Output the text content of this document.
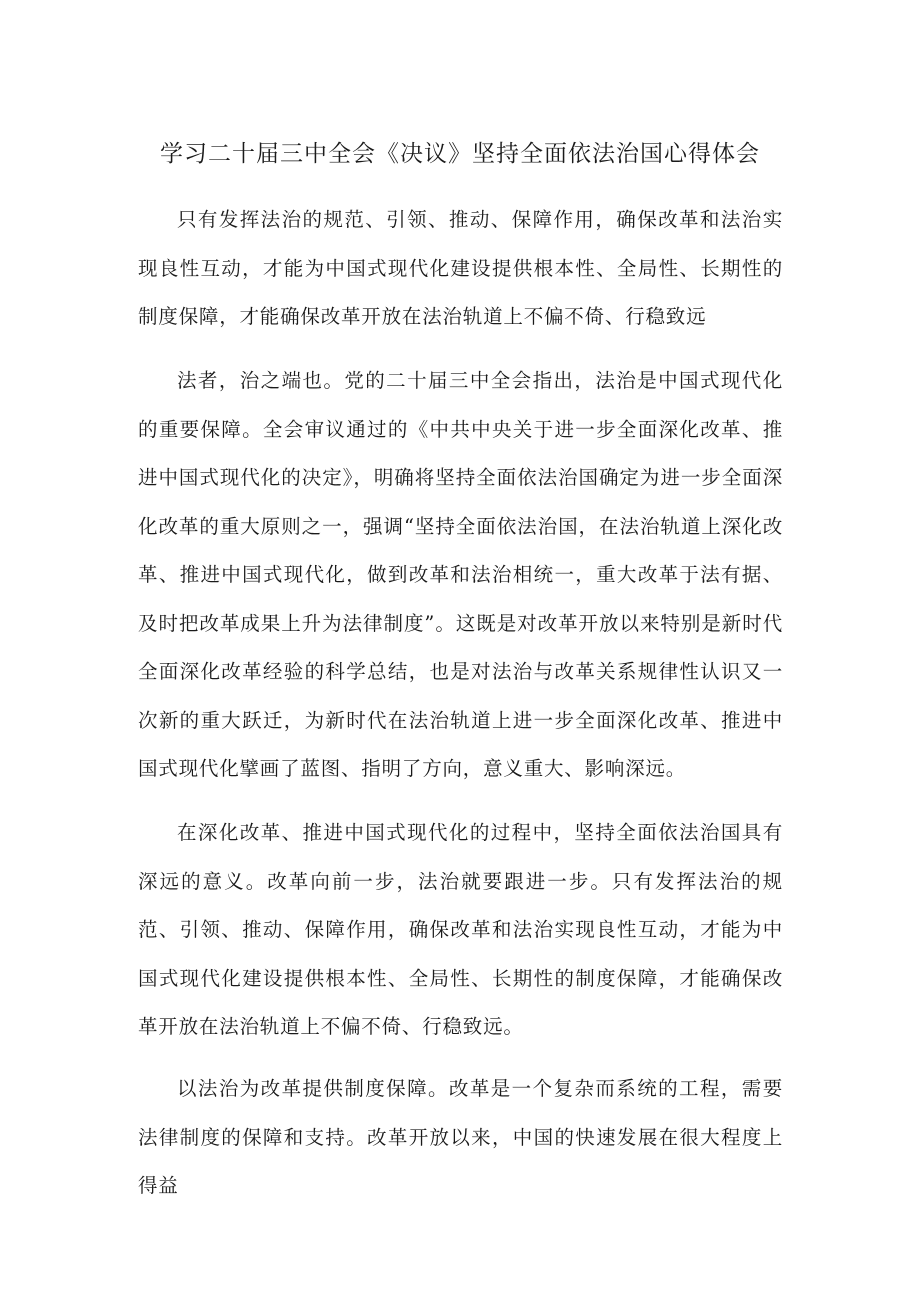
学习二十届三中全会《决议》坚持全面依法治国心得体会

只有发挥法治的规范、引领、推动、保障作用，确保改革和法治实现良性互动，才能为中国式现代化建设提供根本性、全局性、长期性的制度保障，才能确保改革开放在法治轨道上不偏不倚、行稳致远

法者，治之端也。党的二十届三中全会指出，法治是中国式现代化的重要保障。全会审议通过的《中共中央关于进一步全面深化改革、推进中国式现代化的决定》，明确将坚持全面依法治国确定为进一步全面深化改革的重大原则之一，强调“坚持全面依法治国，在法治轨道上深化改革、推进中国式现代化，做到改革和法治相统一，重大改革于法有据、及时把改革成果上升为法律制度”。这既是对改革开放以来特别是新时代全面深化改革经验的科学总结，也是对法治与改革关系规律性认识又一次新的重大跃迁，为新时代在法治轨道上进一步全面深化改革、推进中国式现代化擘画了蓝图、指明了方向，意义重大、影响深远。

在深化改革、推进中国式现代化的过程中，坚持全面依法治国具有深远的意义。改革向前一步，法治就要跟进一步。只有发挥法治的规范、引领、推动、保障作用，确保改革和法治实现良性互动，才能为中国式现代化建设提供根本性、全局性、长期性的制度保障，才能确保改革开放在法治轨道上不偏不倚、行稳致远。

以法治为改革提供制度保障。改革是一个复杂而系统的工程，需要法律制度的保障和支持。改革开放以来，中国的快速发展在很大程度上得益
